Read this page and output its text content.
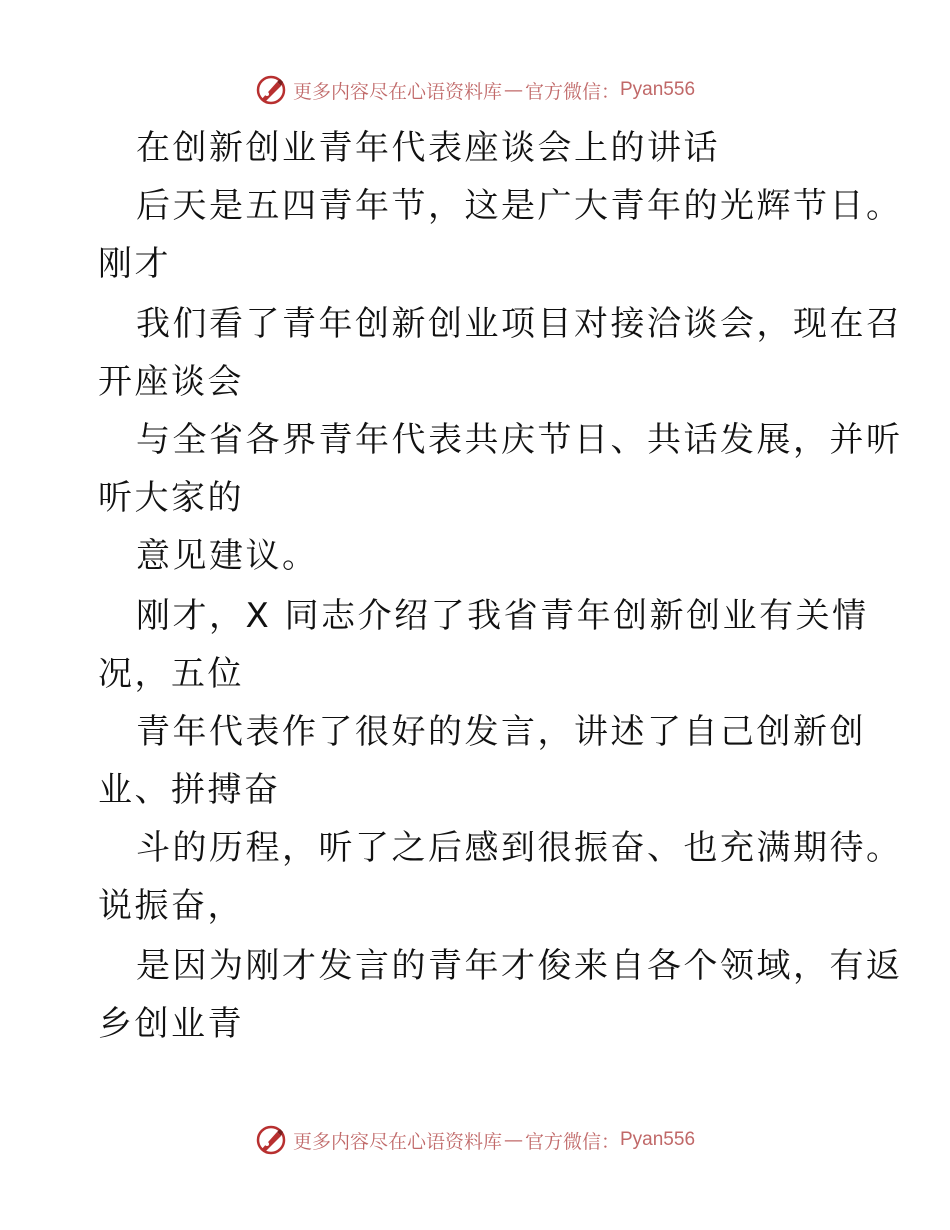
更多内容尽在心语资料库 — 官方微信： Pyan556
在创新创业青年代表座谈会上的讲话
后天是五四青年节，这是广大青年的光辉节日。
刚才
我们看了青年创新创业项目对接洽谈会，现在召
开座谈会
与全省各界青年代表共庆节日、共话发展，并听
听大家的
意见建议。
刚才，X 同志介绍了我省青年创新创业有关情
况，五位
青年代表作了很好的发言，讲述了自己创新创
业、拼搏奋
斗的历程，听了之后感到很振奋、也充满期待。
说振奋，
是因为刚才发言的青年才俊来自各个领域，有返
乡创业青
更多内容尽在心语资料库 — 官方微信： Pyan556
